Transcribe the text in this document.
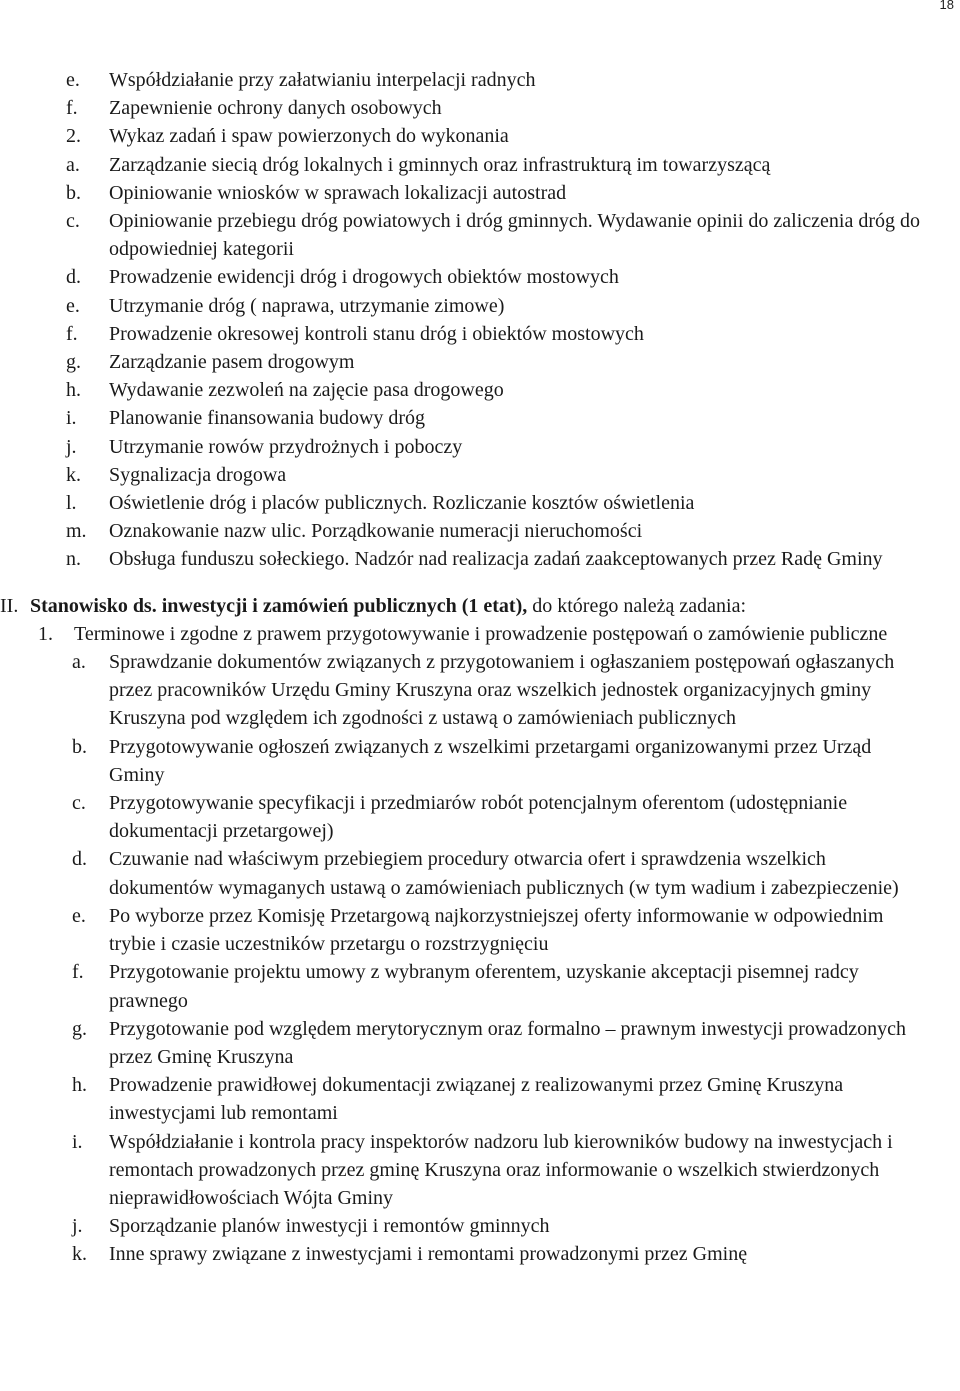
18
e. Współdziałanie przy załatwianiu interpelacji radnych
f. Zapewnienie ochrony danych osobowych
2. Wykaz zadań i spaw powierzonych do wykonania
a. Zarządzanie siecią dróg lokalnych i gminnych oraz infrastrukturą im towarzyszącą
b. Opiniowanie wniosków w sprawach lokalizacji autostrad
c. Opiniowanie przebiegu dróg powiatowych i dróg gminnych. Wydawanie opinii do zaliczenia dróg do odpowiedniej kategorii
d. Prowadzenie ewidencji dróg i drogowych obiektów mostowych
e. Utrzymanie dróg ( naprawa, utrzymanie zimowe)
f. Prowadzenie okresowej kontroli stanu dróg i obiektów mostowych
g. Zarządzanie pasem drogowym
h. Wydawanie zezwoleń na zajęcie pasa drogowego
i. Planowanie finansowania budowy dróg
j. Utrzymanie rowów przydrożnych i poboczy
k. Sygnalizacja drogowa
l. Oświetlenie dróg i placów publicznych. Rozliczanie kosztów oświetlenia
m. Oznakowanie nazw ulic. Porządkowanie numeracji nieruchomości
n. Obsługa funduszu sołeckiego. Nadzór nad realizacja zadań zaakceptowanych przez Radę Gminy
II. Stanowisko ds. inwestycji i zamówień publicznych (1 etat), do którego należą zadania:
1. Terminowe i zgodne z prawem przygotowywanie i prowadzenie postępowań o zamówienie publiczne
a. Sprawdzanie dokumentów związanych z przygotowaniem i ogłaszaniem postępowań ogłaszanych przez pracowników Urzędu Gminy Kruszyna oraz wszelkich jednostek organizacyjnych gminy Kruszyna pod względem ich zgodności z ustawą o zamówieniach publicznych
b. Przygotowywanie ogłoszeń związanych z wszelkimi przetargami organizowanymi przez Urząd Gminy
c. Przygotowywanie specyfikacji i przedmiarów robót potencjalnym oferentom (udostępnianie dokumentacji przetargowej)
d. Czuwanie nad właściwym przebiegiem procedury otwarcia ofert i sprawdzenia wszelkich dokumentów wymaganych ustawą o zamówieniach publicznych (w tym wadium i zabezpieczenie)
e. Po wyborze przez Komisję Przetargową najkorzystniejszej oferty informowanie w odpowiednim trybie i czasie uczestników przetargu o rozstrzygnięciu
f. Przygotowanie projektu umowy z wybranym oferentem, uzyskanie akceptacji pisemnej radcy prawnego
g. Przygotowanie pod względem merytorycznym oraz formalno – prawnym inwestycji prowadzonych przez Gminę Kruszyna
h. Prowadzenie prawidłowej dokumentacji związanej z realizowanymi przez Gminę Kruszyna inwestycjami lub remontami
i. Współdziałanie i kontrola pracy inspektorów nadzoru lub kierowników budowy na inwestycjach i remontach prowadzonych przez gminę Kruszyna oraz informowanie o wszelkich stwierdzonych nieprawidłowościach Wójta Gminy
j. Sporządzanie planów inwestycji i remontów gminnych
k. Inne sprawy związane z inwestycjami i remontami prowadzonymi przez Gminę
